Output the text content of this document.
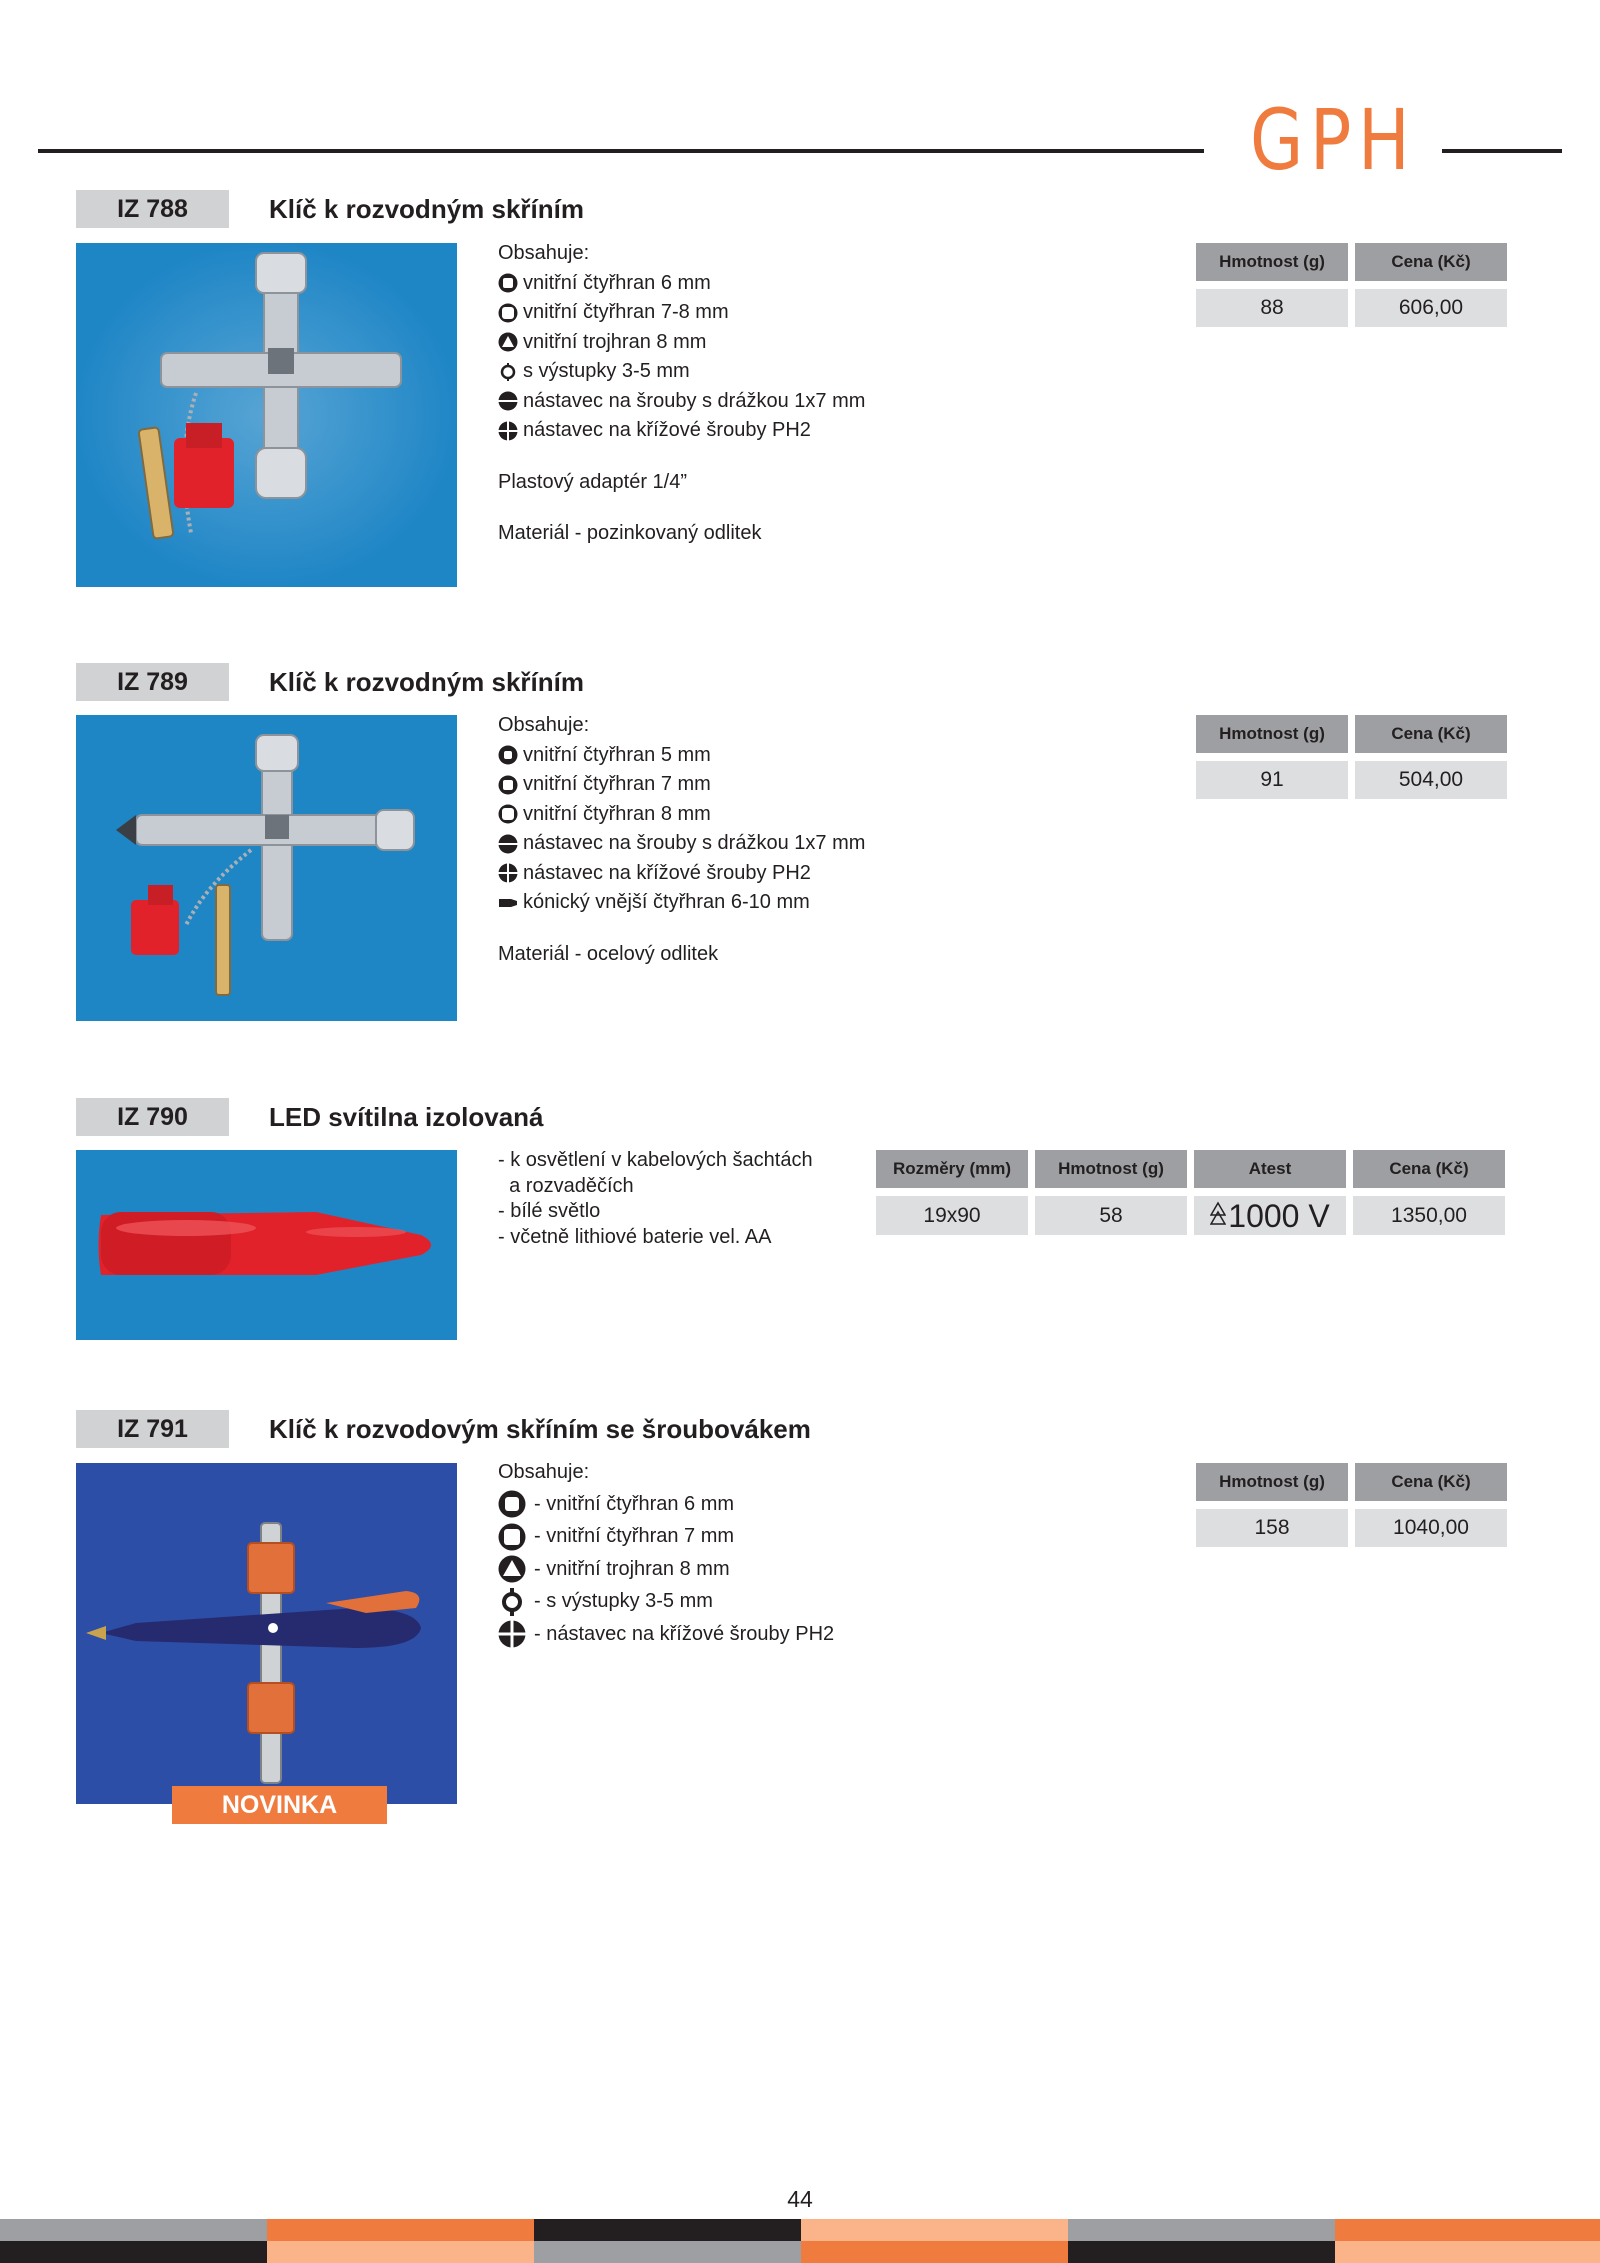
GPH
IZ 788	Klíč k rozvodným skříním
Obsahuje:
vnitřní čtyřhran 6 mm
vnitřní čtyřhran 7-8 mm
vnitřní trojhran 8 mm
s výstupky 3-5 mm
nástavec na šrouby s drážkou 1x7 mm
nástavec na křížové šrouby PH2
Plastový adaptér 1/4”
Materiál - pozinkovaný odlitek
Hmotnost (g)	Cena (Kč)

88	606,00
IZ 789	Klíč k rozvodným skříním
Obsahuje:
vnitřní čtyřhran 5 mm
vnitřní čtyřhran 7 mm
vnitřní čtyřhran 8 mm
nástavec na šrouby s drážkou 1x7 mm
nástavec na křížové šrouby PH2
kónický vnější čtyřhran 6-10 mm
Materiál - ocelový odlitek
Hmotnost (g)	Cena (Kč)

91	504,00
IZ 790	LED svítilna izolovaná
- k osvětlení v kabelových šachtách
a rozvaděčích
- bílé světlo
- včetně lithiové baterie vel. AA
Rozměry (mm)	Hmotnost (g)	Atest	Cena (Kč)

19x90	58	1000 V	1350,00
IZ 791	Klíč k rozvodovým skříním se šroubovákem
NOVINKA
Obsahuje:
- vnitřní čtyřhran 6 mm
- vnitřní čtyřhran 7 mm
- vnitřní trojhran 8 mm
- s výstupky 3-5 mm
- nástavec na křížové šrouby PH2
Hmotnost (g)	Cena (Kč)

158	1040,00
44
